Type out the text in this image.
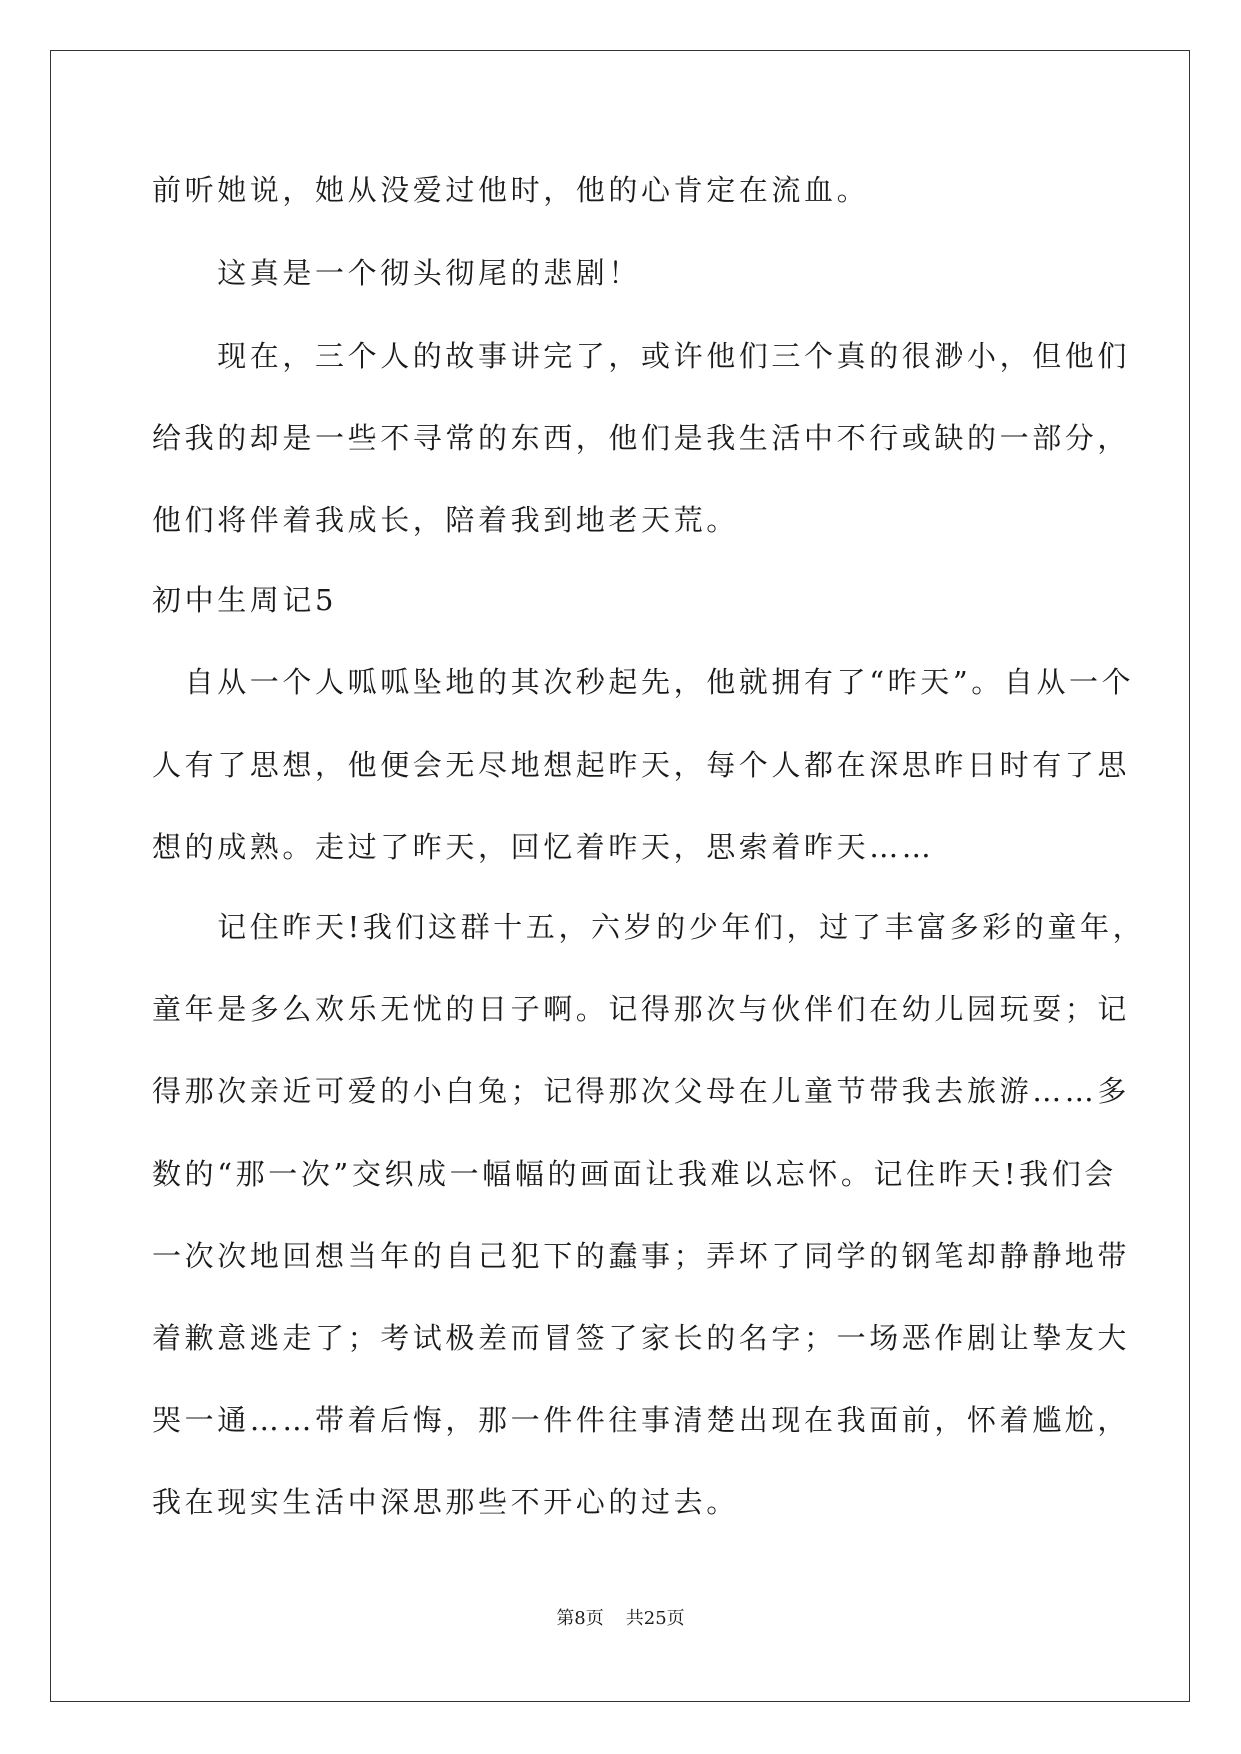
前听她说，她从没爱过他时，他的心肯定在流血。

　　这真是一个彻头彻尾的悲剧！

　　现在，三个人的故事讲完了，或许他们三个真的很渺小，但他们

给我的却是一些不寻常的东西，他们是我生活中不行或缺的一部分，

他们将伴着我成长，陪着我到地老天荒。

初中生周记5

　自从一个人呱呱坠地的其次秒起先，他就拥有了“昨天”。自从一个

人有了思想，他便会无尽地想起昨天，每个人都在深思昨日时有了思

想的成熟。走过了昨天，回忆着昨天，思索着昨天……

　　记住昨天!我们这群十五，六岁的少年们，过了丰富多彩的童年，

童年是多么欢乐无忧的日子啊。记得那次与伙伴们在幼儿园玩耍；记

得那次亲近可爱的小白兔；记得那次父母在儿童节带我去旅游……多

数的“那一次”交织成一幅幅的画面让我难以忘怀。记住昨天!我们会

一次次地回想当年的自己犯下的蠢事；弄坏了同学的钢笔却静静地带

着歉意逃走了；考试极差而冒签了家长的名字；一场恶作剧让挚友大

哭一通……带着后悔，那一件件往事清楚出现在我面前，怀着尴尬，

我在现实生活中深思那些不开心的过去。

第8页 共25页
